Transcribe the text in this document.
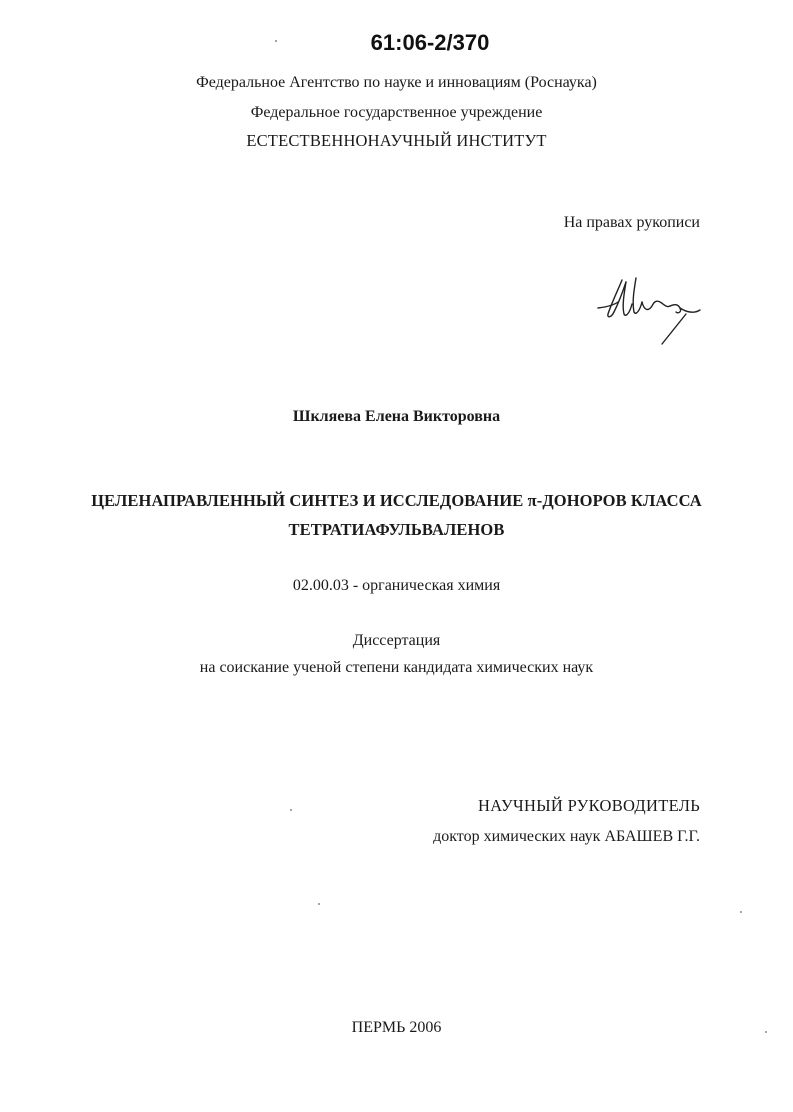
61:06-2/370
Федеральное Агентство по науке и инновациям (Роснаука)
Федеральное государственное учреждение
ЕСТЕСТВЕННОНАУЧНЫЙ ИНСТИТУТ
На правах рукописи
Шкляева Елена Викторовна
ЦЕЛЕНАПРАВЛЕННЫЙ СИНТЕЗ И ИССЛЕДОВАНИЕ π-ДОНОРОВ КЛАССА
ТЕТРАТИАФУЛЬВАЛЕНОВ
02.00.03 - органическая химия
Диссертация
на соискание ученой степени кандидата химических наук
НАУЧНЫЙ РУКОВОДИТЕЛЬ
доктор химических наук АБАШЕВ Г.Г.
ПЕРМЬ 2006
